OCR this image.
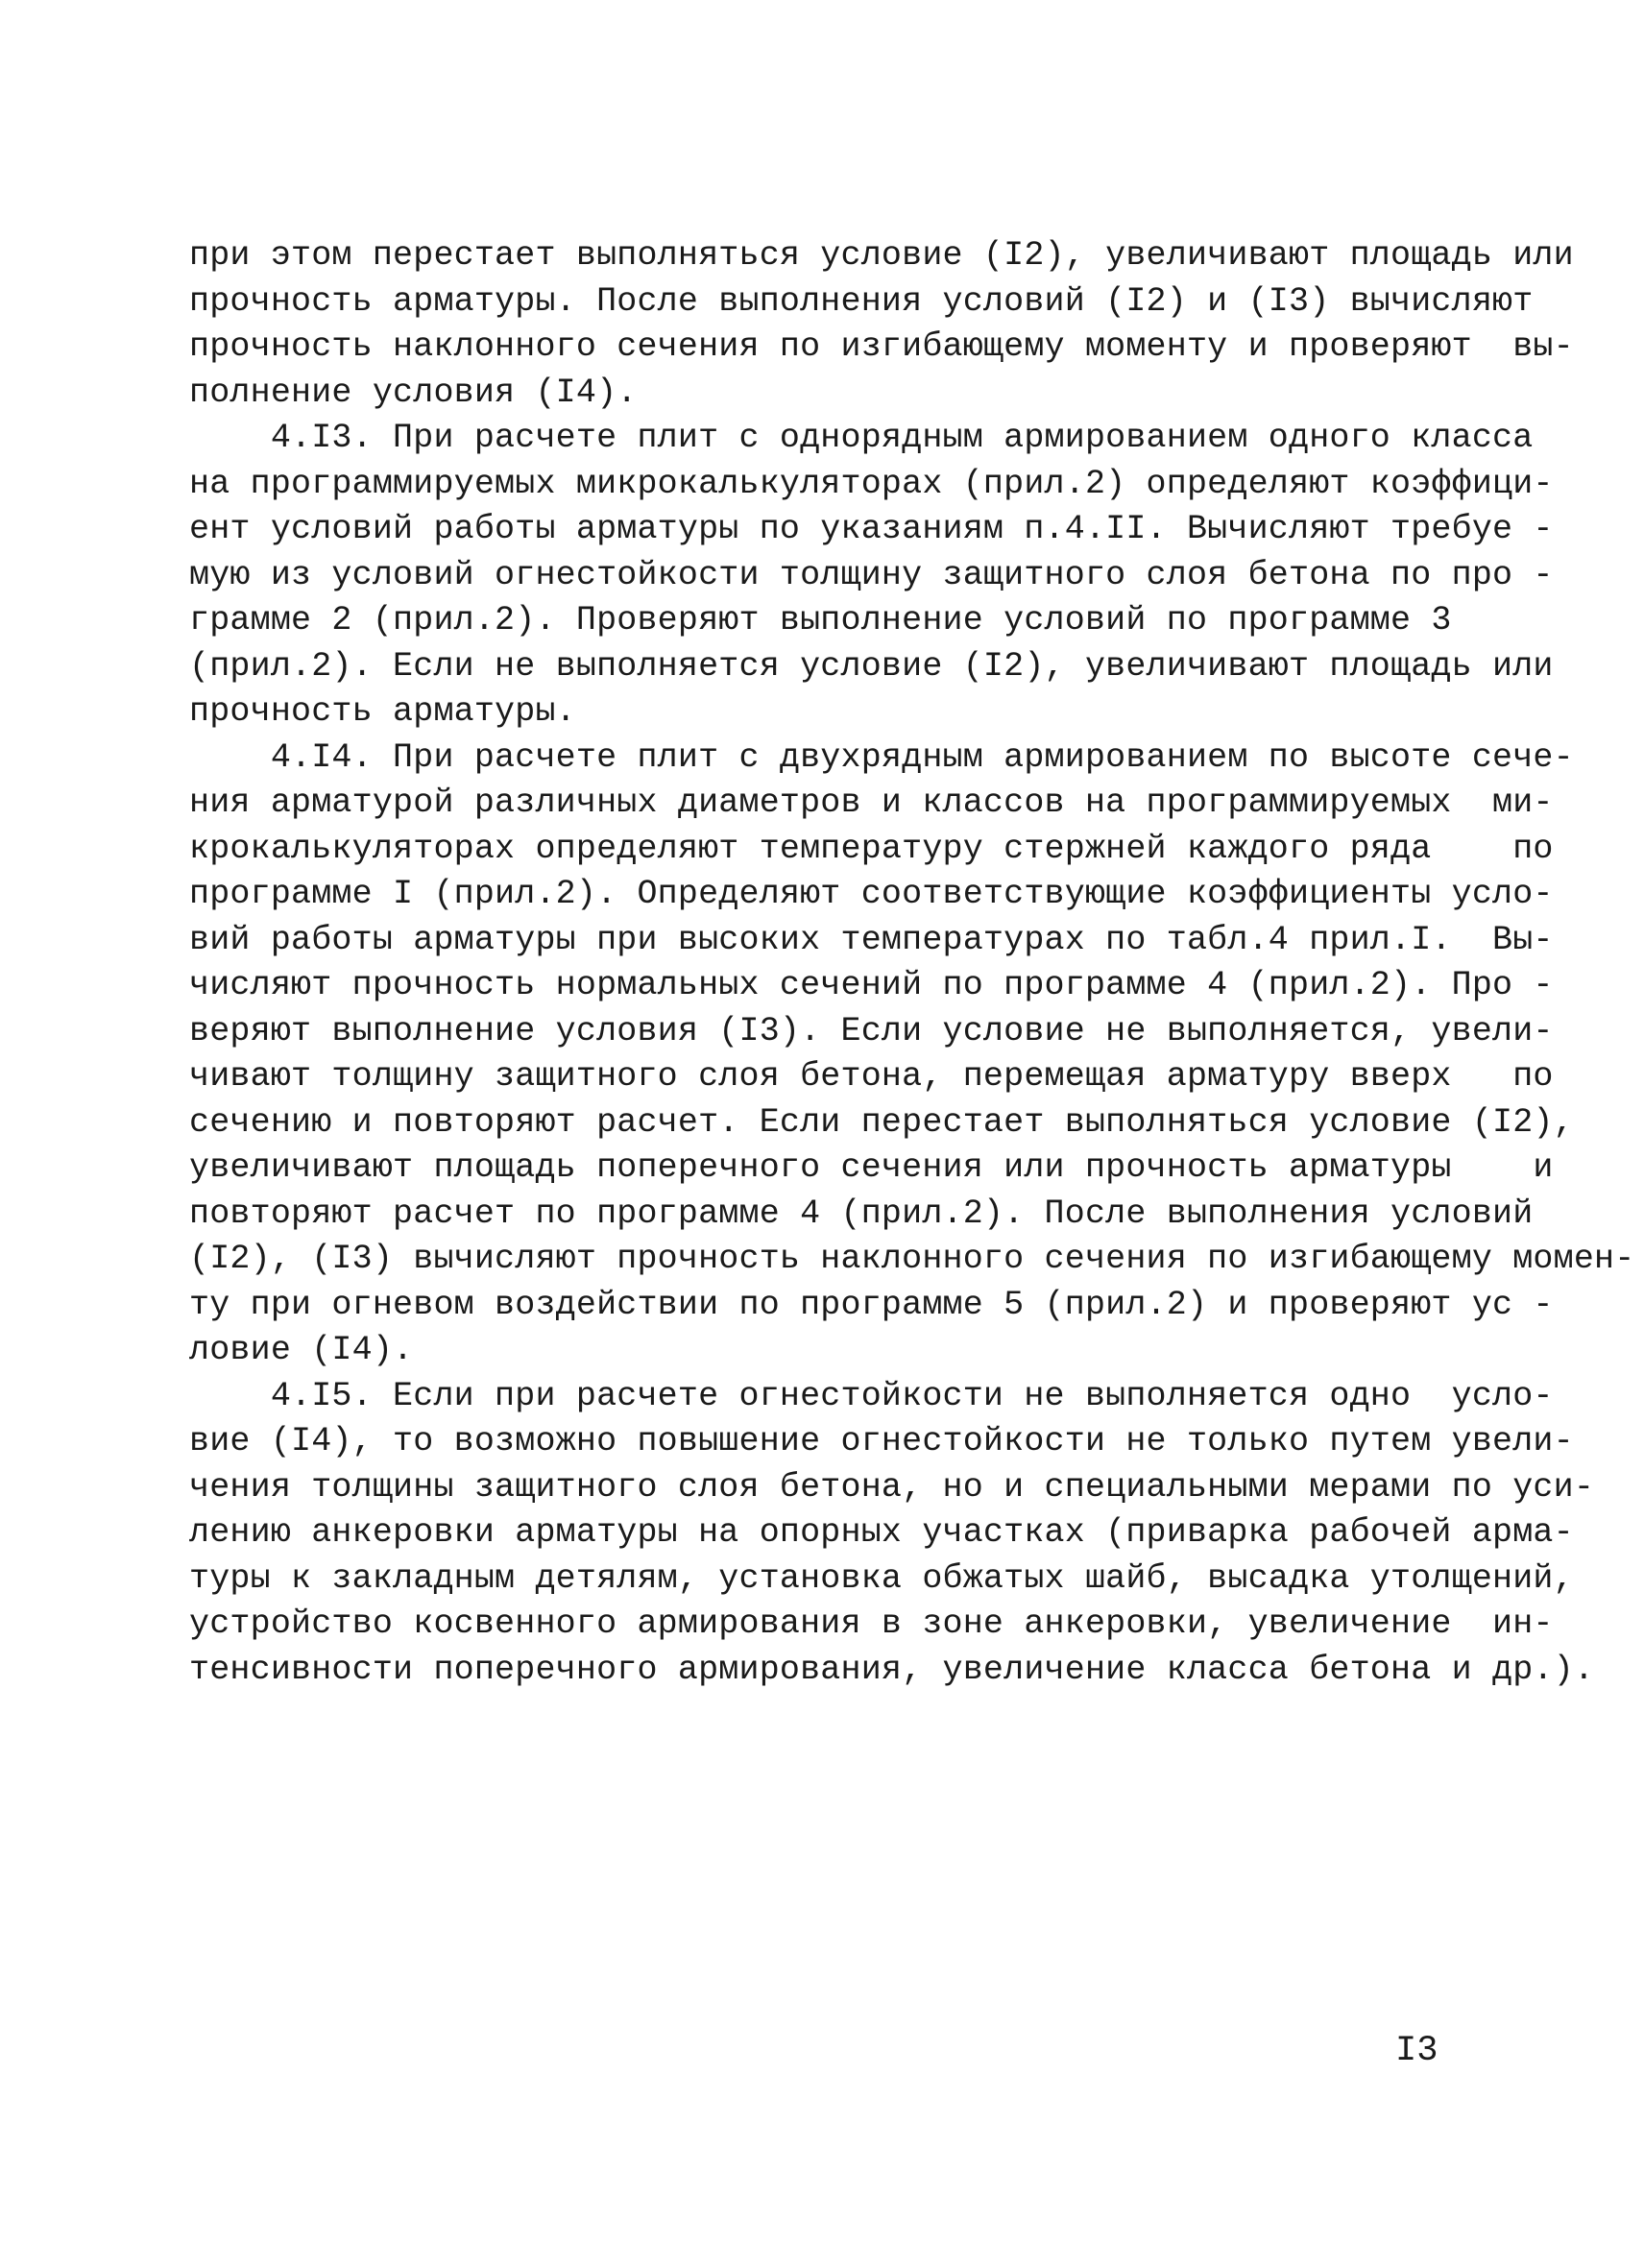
при этом перестает выполняться условие (I2), увеличивают площадь или
прочность арматуры. После выполнения условий (I2) и (I3) вычисляют
прочность наклонного сечения по изгибающему моменту и проверяют  вы-
полнение условия (I4).
4.I3. При расчете плит с однорядным армированием одного класса
на программируемых микрокалькуляторах (прил.2) определяют коэффици-
ент условий работы арматуры по указаниям п.4.II. Вычисляют требуе -
мую из условий огнестойкости толщину защитного слоя бетона по про -
грамме 2 (прил.2). Проверяют выполнение условий по программе 3
(прил.2). Если не выполняется условие (I2), увеличивают площадь или
прочность арматуры.
4.I4. При расчете плит с двухрядным армированием по высоте сече-
ния арматурой различных диаметров и классов на программируемых  ми-
крокалькуляторах определяют температуру стержней каждого ряда    по
программе I (прил.2). Определяют соответствующие коэффициенты усло-
вий работы арматуры при высоких температурах по табл.4 прил.I.  Вы-
числяют прочность нормальных сечений по программе 4 (прил.2). Про -
веряют выполнение условия (I3). Если условие не выполняется, увели-
чивают толщину защитного слоя бетона, перемещая арматуру вверх   по
сечению и повторяют расчет. Если перестает выполняться условие (I2),
увеличивают площадь поперечного сечения или прочность арматуры    и
повторяют расчет по программе 4 (прил.2). После выполнения условий
(I2), (I3) вычисляют прочность наклонного сечения по изгибающему момен-
ту при огневом воздействии по программе 5 (прил.2) и проверяют ус -
ловие (I4).
4.I5. Если при расчете огнестойкости не выполняется одно  усло-
вие (I4), то возможно повышение огнестойкости не только путем увели-
чения толщины защитного слоя бетона, но и специальными мерами по уси-
лению анкеровки арматуры на опорных участках (приварка рабочей арма-
туры к закладным детялям, установка обжатых шайб, высадка утолщений,
устройство косвенного армирования в зоне анкеровки, увеличение  ин-
тенсивности поперечного армирования, увеличение класса бетона и др.).
I3
